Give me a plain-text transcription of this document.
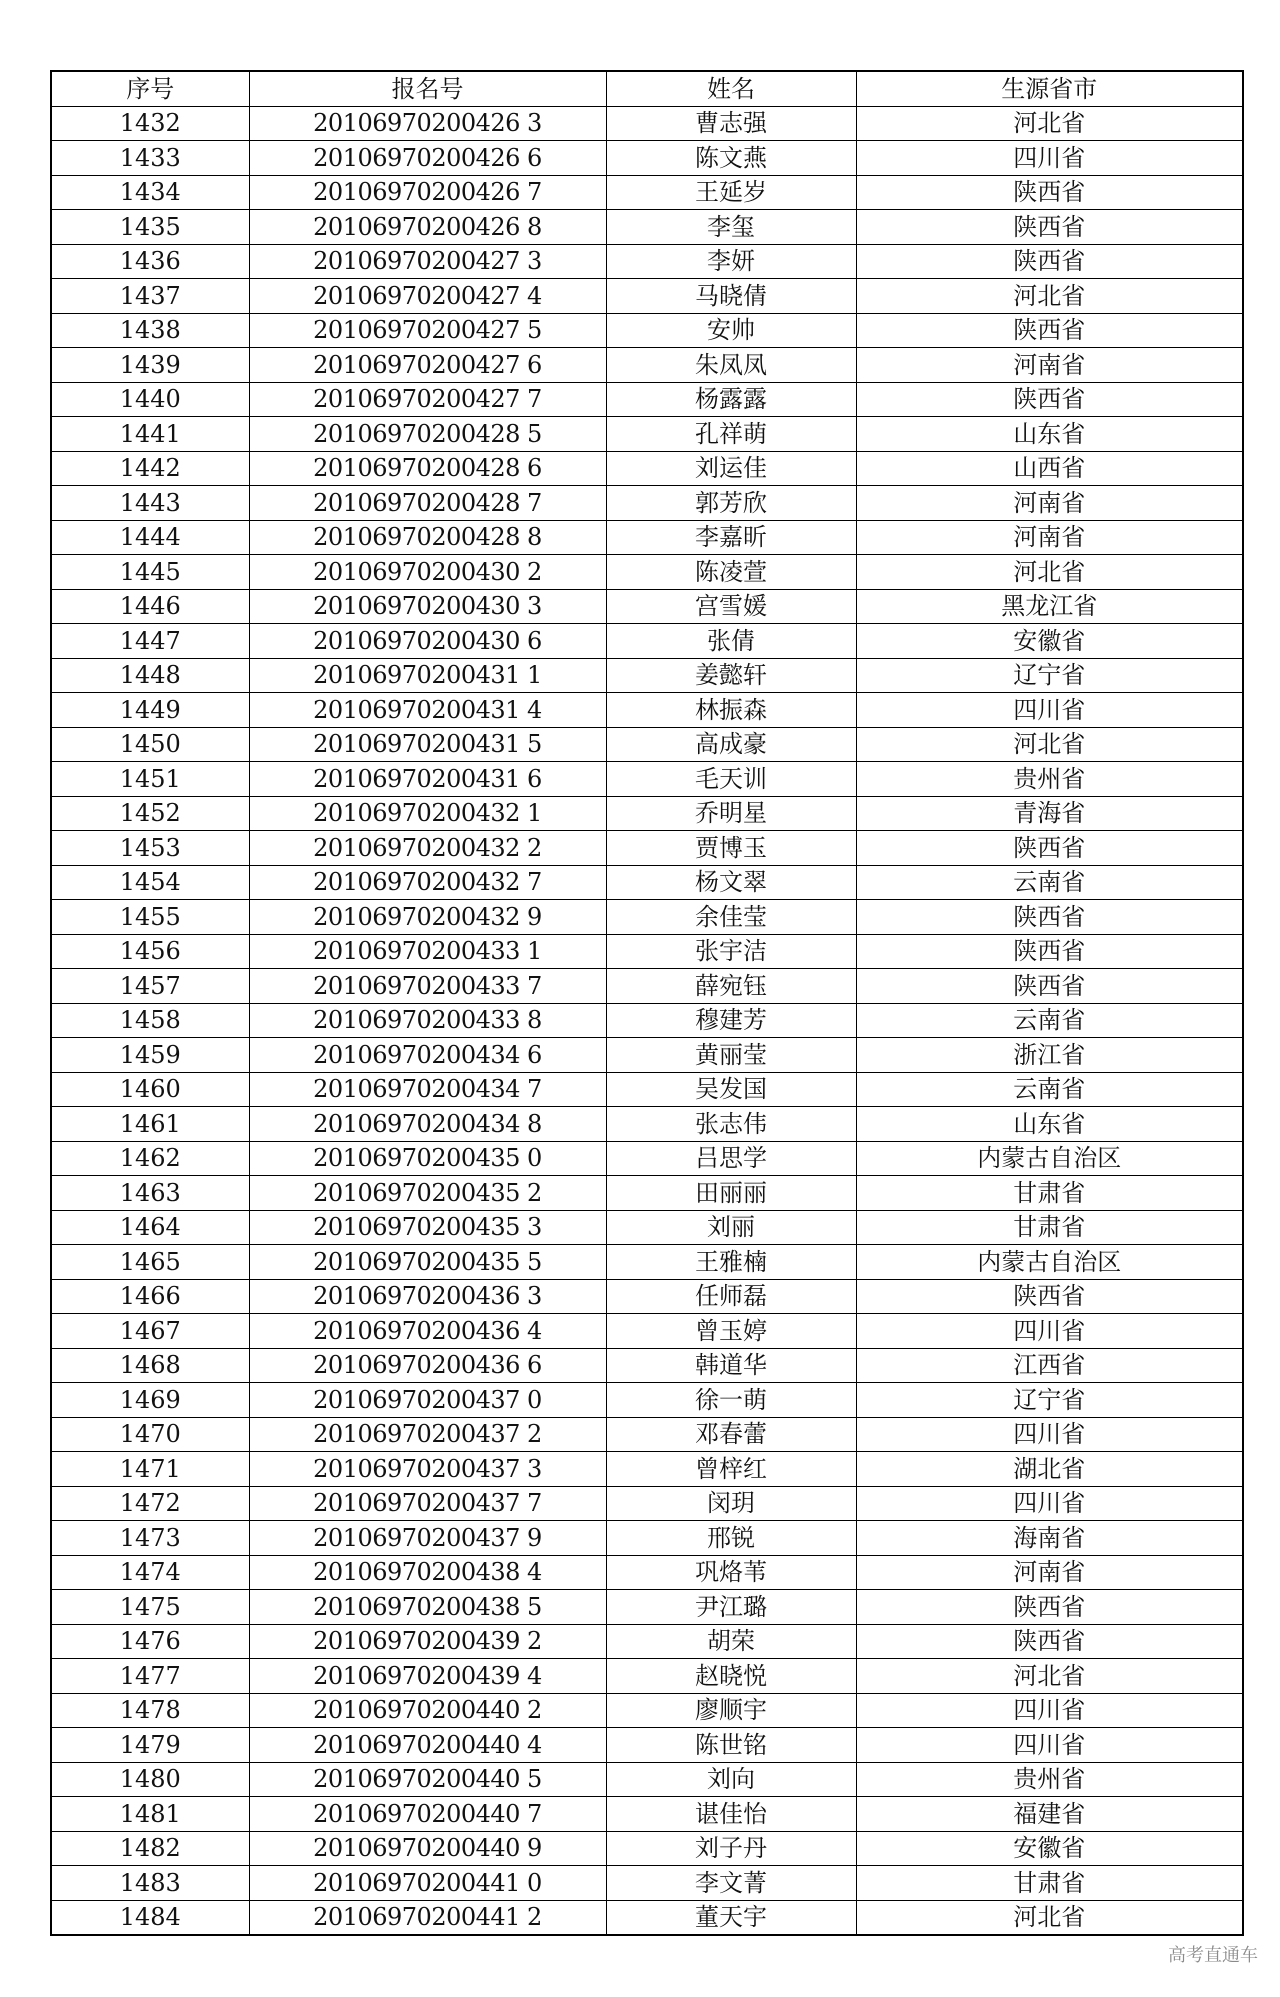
序号	报名号	姓名	生源省市
1432	20106970200426 3	曹志强	河北省
1433	20106970200426 6	陈文燕	四川省
1434	20106970200426 7	王延岁	陕西省
1435	20106970200426 8	李玺	陕西省
1436	20106970200427 3	李妍	陕西省
1437	20106970200427 4	马晓倩	河北省
1438	20106970200427 5	安帅	陕西省
1439	20106970200427 6	朱凤凤	河南省
1440	20106970200427 7	杨露露	陕西省
1441	20106970200428 5	孔祥萌	山东省
1442	20106970200428 6	刘运佳	山西省
1443	20106970200428 7	郭芳欣	河南省
1444	20106970200428 8	李嘉昕	河南省
1445	20106970200430 2	陈凌萱	河北省
1446	20106970200430 3	宫雪媛	黑龙江省
1447	20106970200430 6	张倩	安徽省
1448	20106970200431 1	姜懿轩	辽宁省
1449	20106970200431 4	林振森	四川省
1450	20106970200431 5	高成豪	河北省
1451	20106970200431 6	毛天训	贵州省
1452	20106970200432 1	乔明星	青海省
1453	20106970200432 2	贾博玉	陕西省
1454	20106970200432 7	杨文翠	云南省
1455	20106970200432 9	余佳莹	陕西省
1456	20106970200433 1	张宇洁	陕西省
1457	20106970200433 7	薛宛钰	陕西省
1458	20106970200433 8	穆建芳	云南省
1459	20106970200434 6	黄丽莹	浙江省
1460	20106970200434 7	吴发国	云南省
1461	20106970200434 8	张志伟	山东省
1462	20106970200435 0	吕思学	内蒙古自治区
1463	20106970200435 2	田丽丽	甘肃省
1464	20106970200435 3	刘丽	甘肃省
1465	20106970200435 5	王雅楠	内蒙古自治区
1466	20106970200436 3	任师磊	陕西省
1467	20106970200436 4	曾玉婷	四川省
1468	20106970200436 6	韩道华	江西省
1469	20106970200437 0	徐一萌	辽宁省
1470	20106970200437 2	邓春蕾	四川省
1471	20106970200437 3	曾梓红	湖北省
1472	20106970200437 7	闵玥	四川省
1473	20106970200437 9	邢锐	海南省
1474	20106970200438 4	巩烙苇	河南省
1475	20106970200438 5	尹江璐	陕西省
1476	20106970200439 2	胡荣	陕西省
1477	20106970200439 4	赵晓悦	河北省
1478	20106970200440 2	廖顺宇	四川省
1479	20106970200440 4	陈世铭	四川省
1480	20106970200440 5	刘向	贵州省
1481	20106970200440 7	谌佳怡	福建省
1482	20106970200440 9	刘子丹	安徽省
1483	20106970200441 0	李文菁	甘肃省
1484	20106970200441 2	董天宇	河北省
高考直通车
